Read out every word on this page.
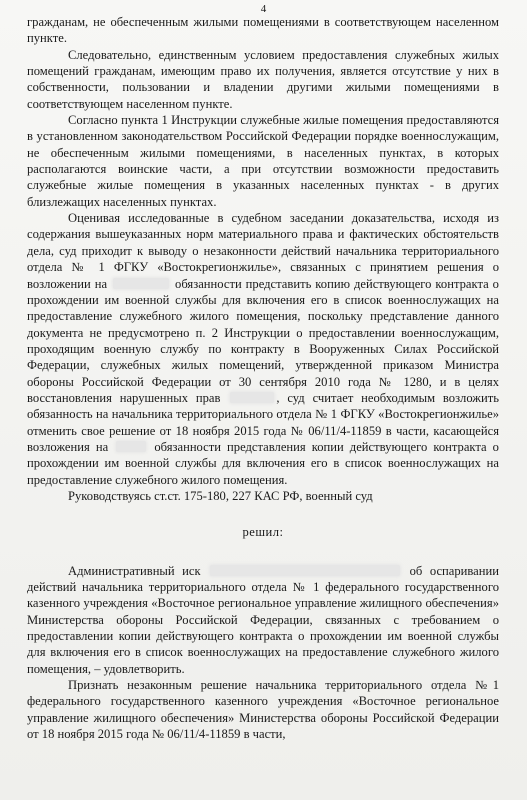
4

гражданам, не обеспеченным жилыми помещениями в соответствующем населенном пункте.

Следовательно, единственным условием предоставления служебных жилых помещений гражданам, имеющим право их получения, является отсутствие у них в собственности, пользовании и владении другими жилыми помещениями в соответствующем населенном пункте.

Согласно пункта 1 Инструкции служебные жилые помещения предоставляются в установленном законодательством Российской Федерации порядке военнослужащим, не обеспеченным жилыми помещениями, в населенных пунктах, в которых располагаются воинские части, а при отсутствии возможности предоставить служебные жилые помещения в указанных населенных пунктах - в других близлежащих населенных пунктах.

Оценивая исследованные в судебном заседании доказательства, исходя из содержания вышеуказанных норм материального права и фактических обстоятельств дела, суд приходит к выводу о незаконности действий начальника территориального отдела № 1 ФГКУ «Востокрегионжилье», связанных с принятием решения о возложении на	обязанности представить копию действующего контракта о прохождении им военной службы для включения его в список военнослужащих на предоставление служебного жилого помещения, поскольку представление данного документа не предусмотрено п. 2 Инструкции о предоставлении военнослужащим, проходящим военную службу по контракту в Вооруженных Силах Российской Федерации, служебных жилых помещений, утвержденной приказом Министра обороны Российской Федерации от 30 сентября 2010 года № 1280, и в целях восстановления нарушенных прав	, суд считает необходимым возложить обязанность на начальника территориального отдела № 1 ФГКУ «Востокрегионжилье» отменить свое решение от 18 ноября 2015 года № 06/11/4-11859 в части, касающейся возложения на	обязанности представления копии действующего контракта о прохождении им военной службы для включения его в список военнослужащих на предоставление служебного жилого помещения.

Руководствуясь ст.ст. 175-180, 227 КАС РФ, военный суд

решил:

Административный иск	об оспаривании действий начальника территориального отдела № 1 федерального государственного казенного учреждения «Восточное региональное управление жилищного обеспечения» Министерства обороны Российской Федерации, связанных с требованием о предоставлении копии действующего контракта о прохождении им военной службы для включения его в список военнослужащих на предоставление служебного жилого помещения, – удовлетворить.

Признать незаконным решение начальника территориального отдела №1 федерального государственного казенного учреждения «Восточное региональное управление жилищного обеспечения» Министерства обороны Российской Федерации от 18 ноября 2015 года № 06/11/4-11859 в части,
